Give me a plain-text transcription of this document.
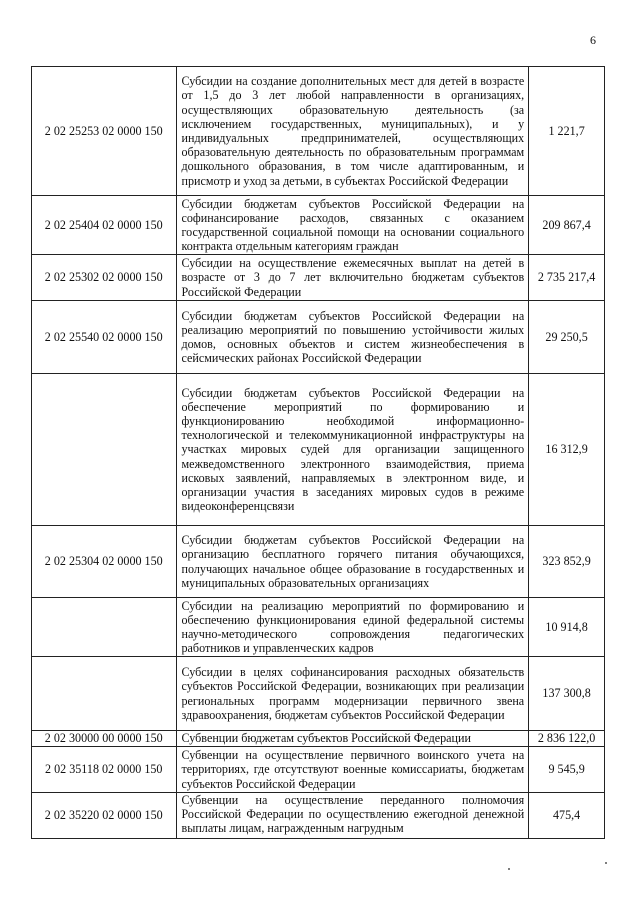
6
2 02 25253 02 0000 150	Субсидии на создание дополнительных мест для детей в возрасте от 1,5 до 3 лет любой направленности в организациях, осуществляющих образовательную деятельность (за исключением государственных, муниципальных), и у индивидуальных предпринимателей, осуществляющих образовательную деятельность по образовательным программам дошкольного образования, в том числе адаптированным, и присмотр и уход за детьми, в субъектах Российской Федерации	1 221,7
2 02 25404 02 0000 150	Субсидии бюджетам субъектов Российской Федерации на софинансирование расходов, связанных с оказанием государственной социальной помощи на основании социального контракта отдельным категориям граждан	209 867,4
2 02 25302 02 0000 150	Субсидии на осуществление ежемесячных выплат на детей в возрасте от 3 до 7 лет включительно бюджетам субъектов Российской Федерации	2 735 217,4
2 02 25540 02 0000 150	Субсидии бюджетам субъектов Российской Федерации на реализацию мероприятий по повышению устойчивости жилых домов, основных объектов и систем жизнеобеспечения в сейсмических районах Российской Федерации	29 250,5
	Субсидии бюджетам субъектов Российской Федерации на обеспечение мероприятий по формированию и функционированию необходимой информационно-технологической и телекоммуникационной инфраструктуры на участках мировых судей для организации защищенного межведомственного электронного взаимодействия, приема исковых заявлений, направляемых в электронном виде, и организации участия в заседаниях мировых судов в режиме видеоконференцсвязи	16 312,9
2 02 25304 02 0000 150	Субсидии бюджетам субъектов Российской Федерации на организацию бесплатного горячего питания обучающихся, получающих начальное общее образование в государственных и муниципальных образовательных организациях	323 852,9
	Субсидии на реализацию мероприятий по формированию и обеспечению функционирования единой федеральной системы научно-методического сопровождения педагогических работников и управленческих кадров	10 914,8
	Субсидии в целях софинансирования расходных обязательств субъектов Российской Федерации, возникающих при реализации региональных программ модернизации первичного звена здравоохранения, бюджетам субъектов Российской Федерации	137 300,8
2 02 30000 00 0000 150	Субвенции бюджетам субъектов Российской Федерации	2 836 122,0
2 02 35118 02 0000 150	Субвенции на осуществление первичного воинского учета на территориях, где отсутствуют военные комиссариаты, бюджетам субъектов Российской Федерации	9 545,9
2 02 35220 02 0000 150	Субвенции на осуществление переданного полномочия Российской Федерации по осуществлению ежегодной денежной выплаты лицам, награжденным нагрудным	475,4
